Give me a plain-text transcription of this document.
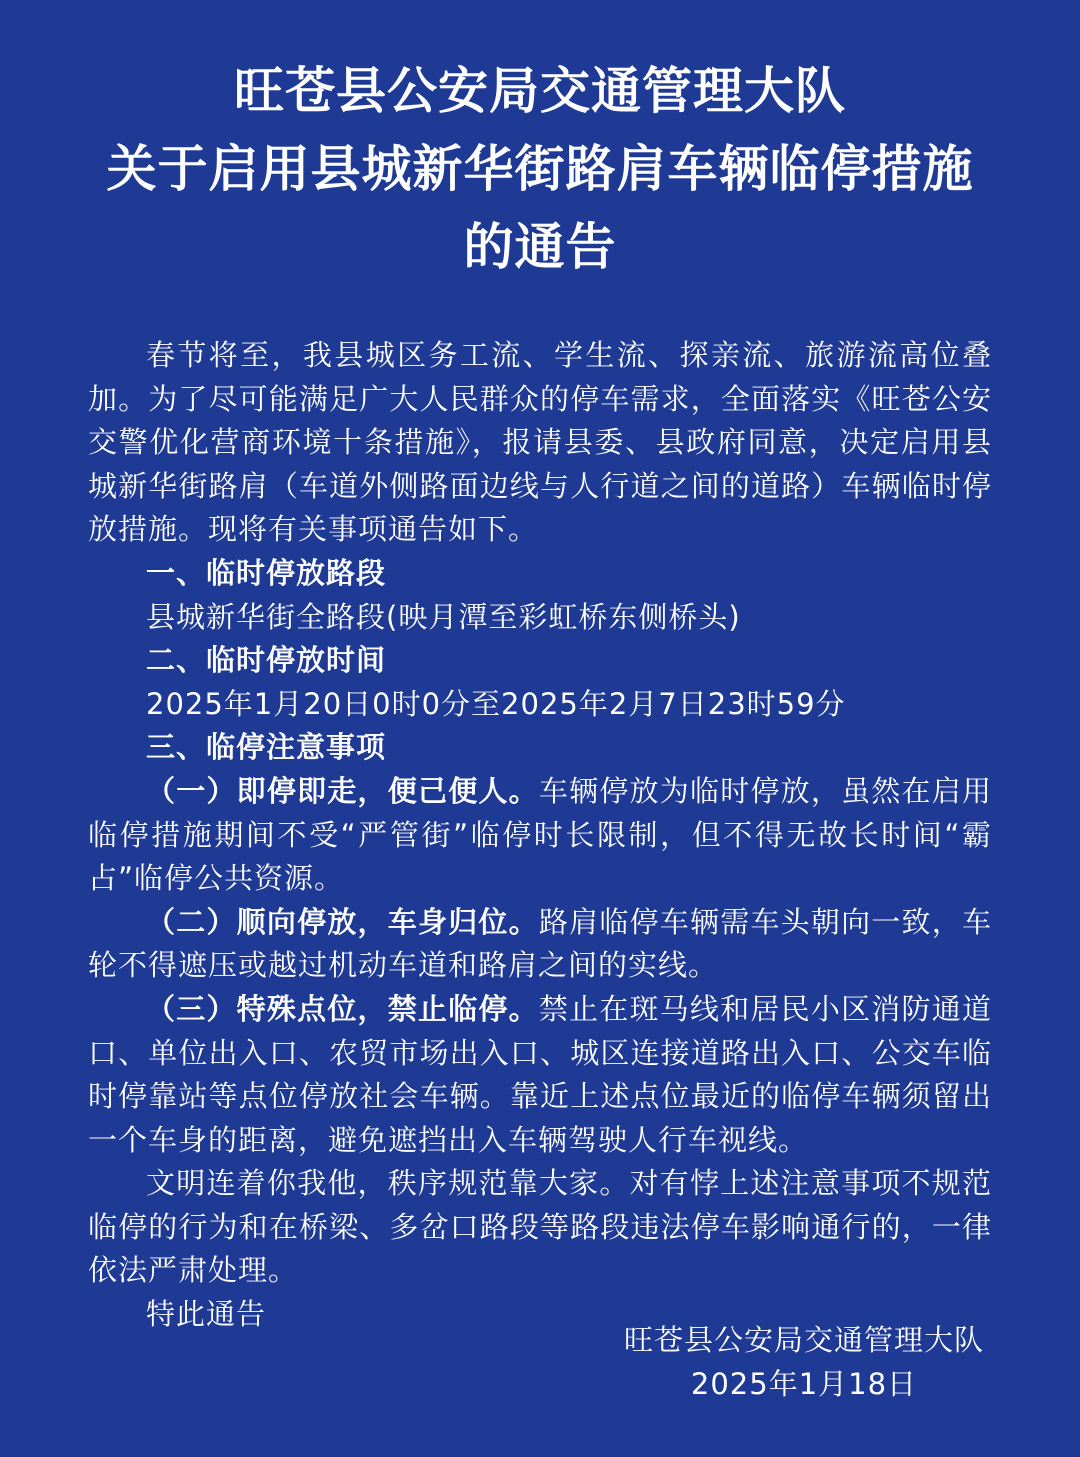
旺苍县公安局交通管理大队
关于启用县城新华街路肩车辆临停措施的通告
春节将至，我县城区务工流、学生流、探亲流、旅游流高位叠加。为了尽可能满足广大人民群众的停车需求，全面落实《旺苍公安交警优化营商环境十条措施》，报请县委、县政府同意，决定启用县城新华街路肩（车道外侧路面边线与人行道之间的道路）车辆临时停放措施。现将有关事项通告如下。
一、临时停放路段
县城新华街全路段(映月潭至彩虹桥东侧桥头)
二、临时停放时间
2025年1月20日0时0分至2025年2月7日23时59分
三、临停注意事项
（一）即停即走，便己便人。车辆停放为临时停放，虽然在启用临停措施期间不受“严管街”临停时长限制，但不得无故长时间“霸占”临停公共资源。
（二）顺向停放，车身归位。路肩临停车辆需车头朝向一致，车轮不得遮压或越过机动车道和路肩之间的实线。
（三）特殊点位，禁止临停。禁止在斑马线和居民小区消防通道口、单位出入口、农贸市场出入口、城区连接道路出入口、公交车临时停靠站等点位停放社会车辆。靠近上述点位最近的临停车辆须留出一个车身的距离，避免遮挡出入车辆驾驶人行车视线。
文明连着你我他，秩序规范靠大家。对有悖上述注意事项不规范临停的行为和在桥梁、多岔口路段等路段违法停车影响通行的，一律依法严肃处理。
特此通告
旺苍县公安局交通管理大队
2025年1月18日
